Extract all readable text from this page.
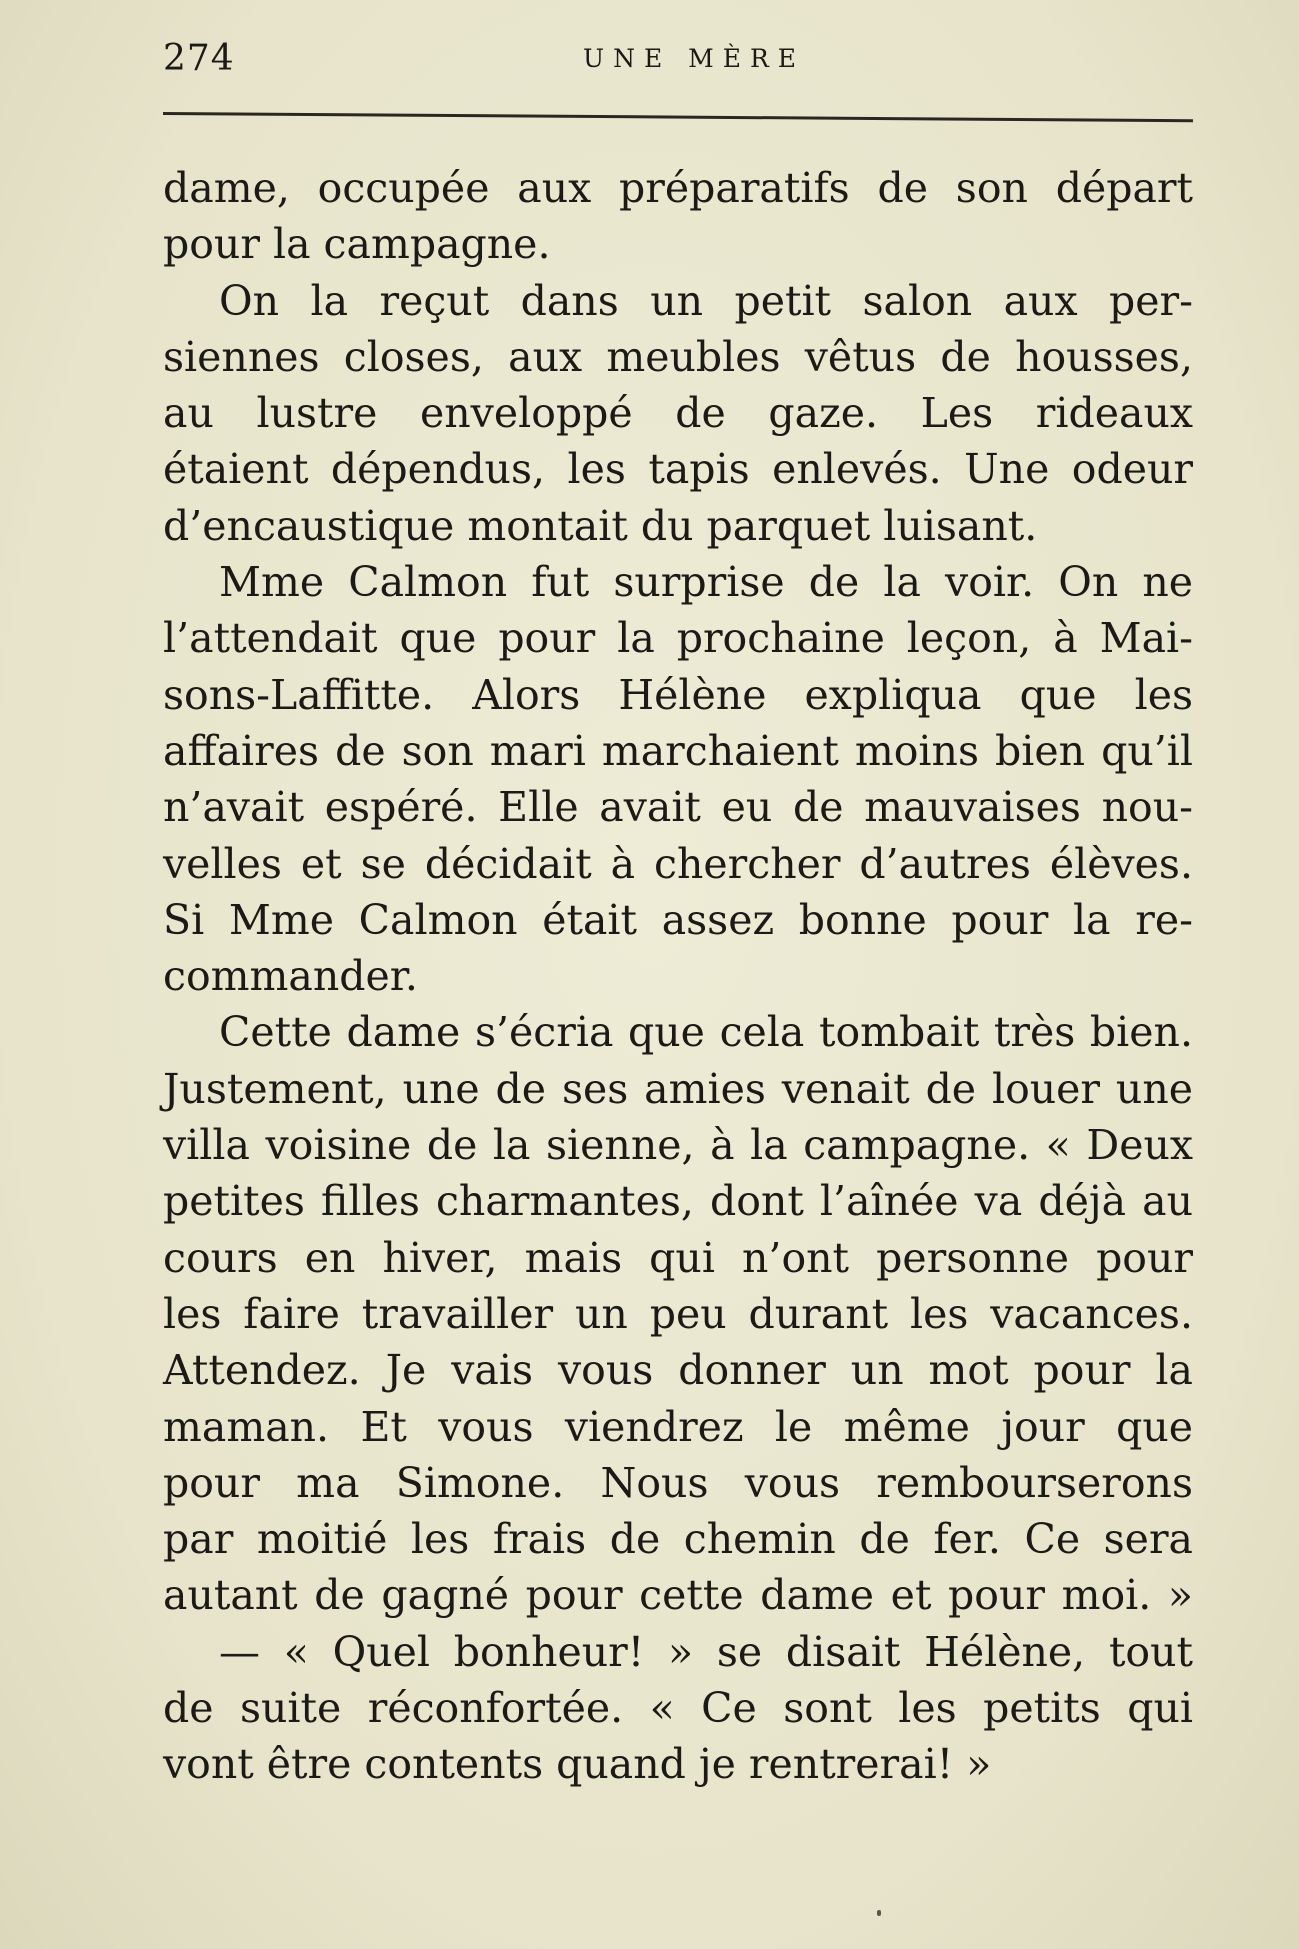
274	UNE MÈRE
dame, occupée aux préparatifs de son départ
pour la campagne.
On la reçut dans un petit salon aux per-
siennes closes, aux meubles vêtus de housses,
au lustre enveloppé de gaze. Les rideaux
étaient dépendus, les tapis enlevés. Une odeur
d’encaustique montait du parquet luisant.
Mme Calmon fut surprise de la voir. On ne
l’attendait que pour la prochaine leçon, à Mai-
sons-Laffitte. Alors Hélène expliqua que les
affaires de son mari marchaient moins bien qu’il
n’avait espéré. Elle avait eu de mauvaises nou-
velles et se décidait à chercher d’autres élèves.
Si Mme Calmon était assez bonne pour la re-
commander.
Cette dame s’écria que cela tombait très bien.
Justement, une de ses amies venait de louer une
villa voisine de la sienne, à la campagne. « Deux
petites filles charmantes, dont l’aînée va déjà au
cours en hiver, mais qui n’ont personne pour
les faire travailler un peu durant les vacances.
Attendez. Je vais vous donner un mot pour la
maman. Et vous viendrez le même jour que
pour ma Simone. Nous vous rembourserons
par moitié les frais de chemin de fer. Ce sera
autant de gagné pour cette dame et pour moi. »
— « Quel bonheur! » se disait Hélène, tout
de suite réconfortée. « Ce sont les petits qui
vont être contents quand je rentrerai! »
